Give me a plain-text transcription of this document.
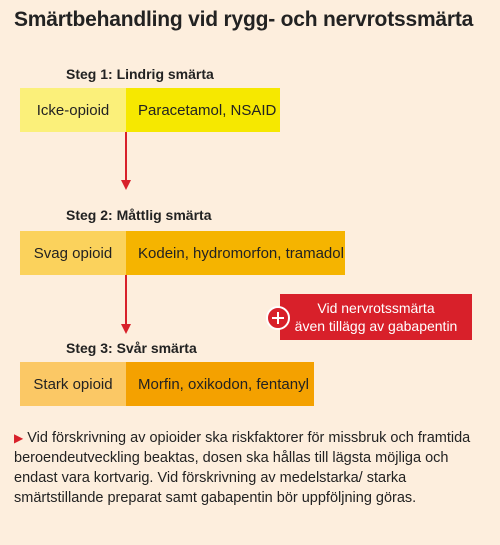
Smärtbehandling vid rygg- och nervrotssmärta
Steg 1: Lindrig smärta
Icke-opioid	Paracetamol, NSAID
Steg 2: Måttlig smärta
Svag opioid	Kodein, hydromorfon, tramadol
Vid nervrotssmärta
även tillägg av gabapentin
Steg 3: Svår smärta
Stark opioid	Morfin, oxikodon, fentanyl
▶ Vid förskrivning av opioider ska riskfaktorer för missbruk och framtida beroendeutveckling beaktas, dosen ska hållas till lägsta möjliga och endast vara kortvarig. Vid förskrivning av medelstarka/ starka smärtstillande preparat samt gabapentin bör uppföljning göras.
